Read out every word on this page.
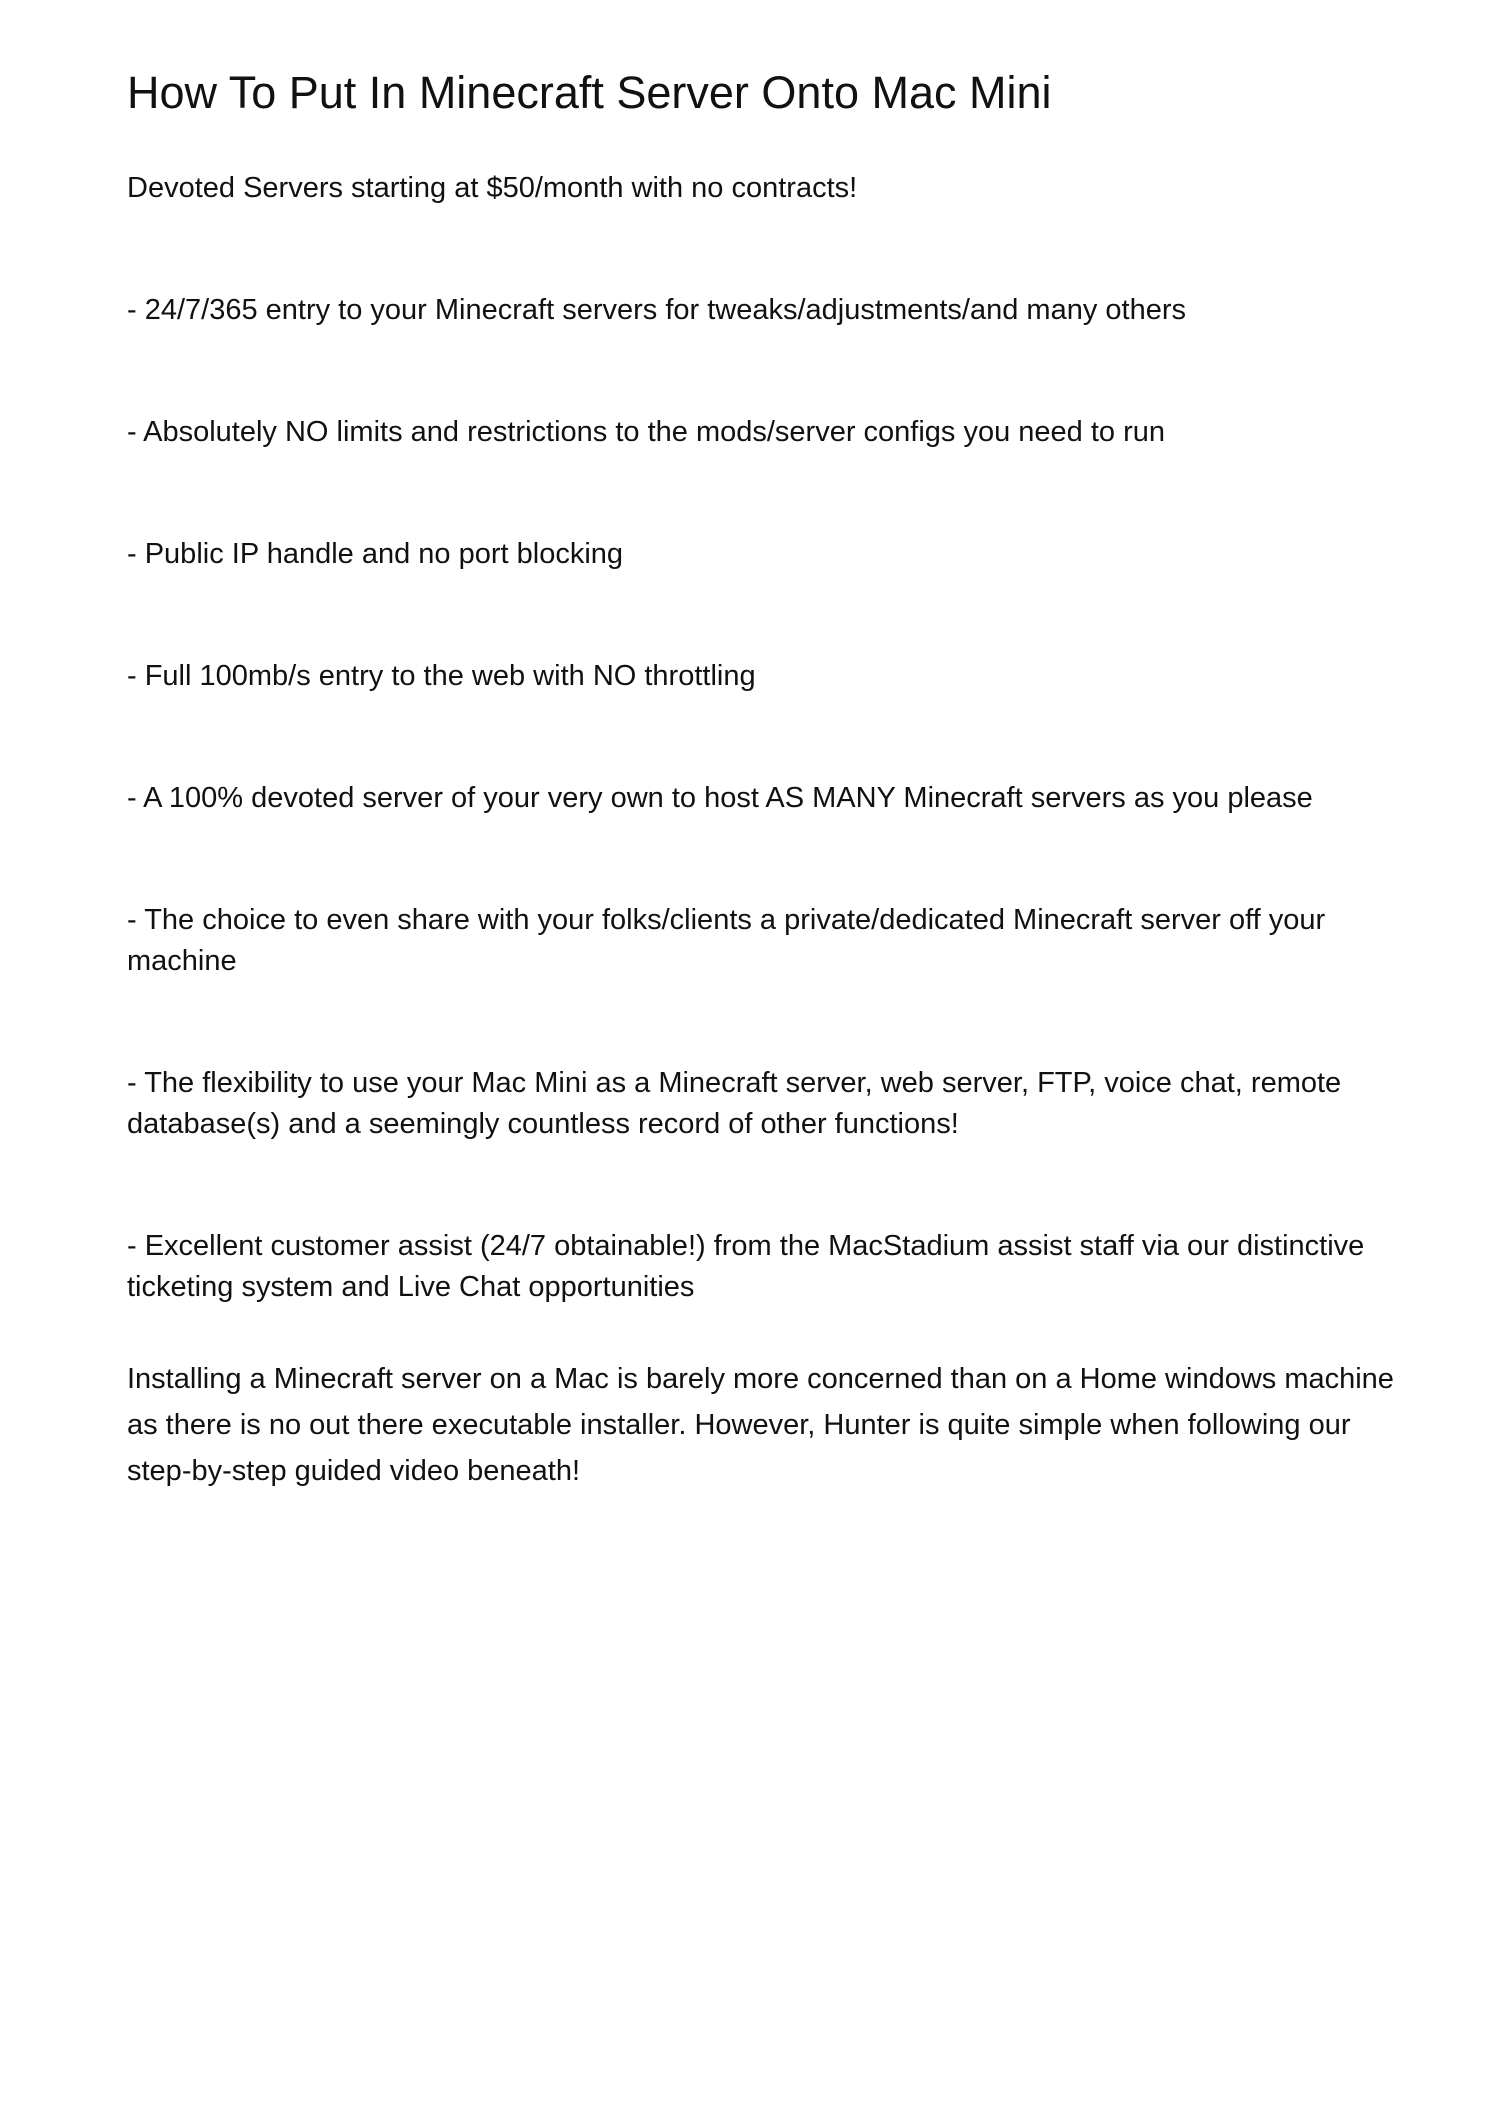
How To Put In Minecraft Server Onto Mac Mini

Devoted Servers starting at $50/month with no contracts!

- 24/7/365 entry to your Minecraft servers for tweaks/adjustments/and many others
- Absolutely NO limits and restrictions to the mods/server configs you need to run
- Public IP handle and no port blocking
- Full 100mb/s entry to the web with NO throttling
- A 100% devoted server of your very own to host AS MANY Minecraft servers as you please
- The choice to even share with your folks/clients a private/dedicated Minecraft server off your machine
- The flexibility to use your Mac Mini as a Minecraft server, web server, FTP, voice chat, remote database(s) and a seemingly countless record of other functions!
- Excellent customer assist (24/7 obtainable!) from the MacStadium assist staff via our distinctive ticketing system and Live Chat opportunities

Installing a Minecraft server on a Mac is barely more concerned than on a Home windows machine as there is no out there executable installer. However, Hunter is quite simple when following our step-by-step guided video beneath!
